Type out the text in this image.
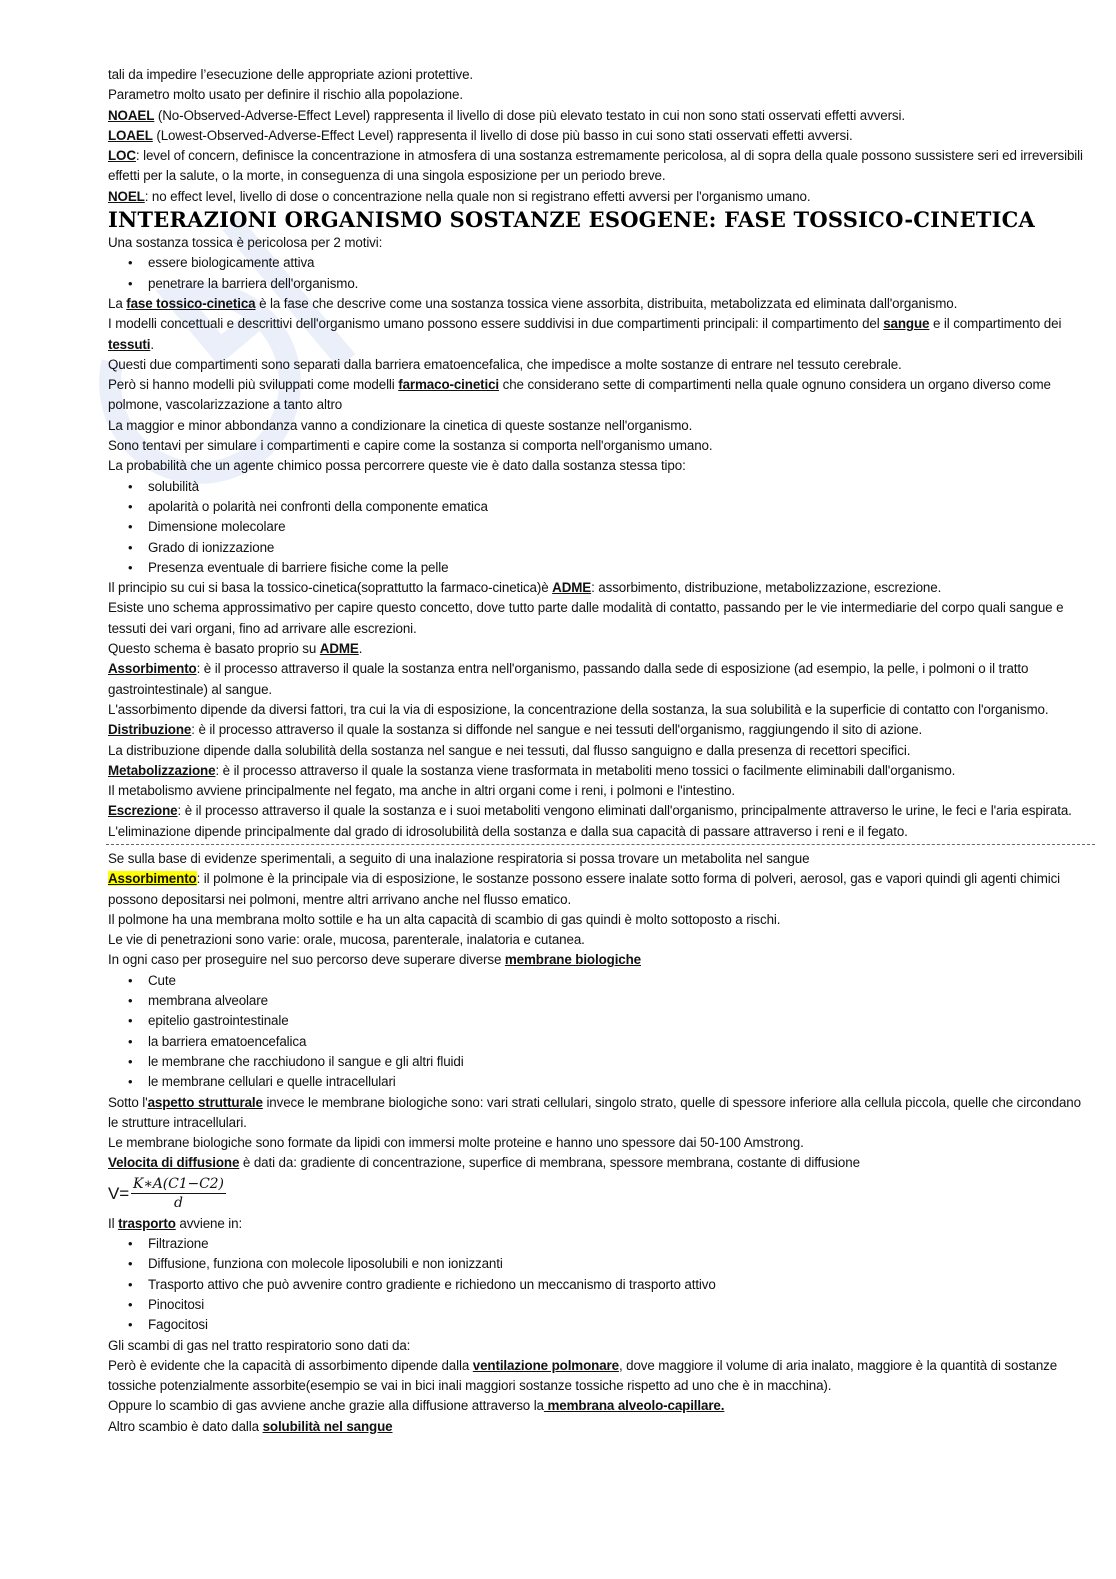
tali da impedire l’esecuzione delle appropriate azioni protettive.

Parametro molto usato per definire il rischio alla popolazione.

NOAEL (No-Observed-Adverse-Effect Level) rappresenta il livello di dose più elevato testato in cui non sono stati osservati effetti avversi.

LOAEL (Lowest-Observed-Adverse-Effect Level) rappresenta il livello di dose più basso in cui sono stati osservati effetti avversi.

LOC: level of concern, definisce la concentrazione in atmosfera di una sostanza estremamente pericolosa, al di sopra della quale possono sussistere seri ed irreversibili effetti per la salute, o la morte, in conseguenza di una singola esposizione per un periodo breve.

NOEL: no effect level, livello di dose o concentrazione nella quale non si registrano effetti avversi per l'organismo umano.

INTERAZIONI ORGANISMO SOSTANZE ESOGENE: FASE TOSSICO-CINETICA

Una sostanza tossica è pericolosa per 2 motivi:

• essere biologicamente attiva
• penetrare la barriera dell'organismo.

La fase tossico-cinetica è la fase che descrive come una sostanza tossica viene assorbita, distribuita, metabolizzata ed eliminata dall'organismo.

I modelli concettuali e descrittivi dell'organismo umano possono essere suddivisi in due compartimenti principali: il compartimento del sangue e il compartimento dei tessuti.

Questi due compartimenti sono separati dalla barriera ematoencefalica, che impedisce a molte sostanze di entrare nel tessuto cerebrale.

Però si hanno modelli più sviluppati come modelli farmaco-cinetici che considerano sette di compartimenti nella quale ognuno considera un organo diverso come polmone, vascolarizzazione a tanto altro

La maggior e minor abbondanza vanno a condizionare la cinetica di queste sostanze nell'organismo.

Sono tentavi per simulare i compartimenti e capire come la sostanza si comporta nell'organismo umano.

La probabilità che un agente chimico possa percorrere queste vie è dato dalla sostanza stessa tipo:

• solubilità
• apolarità o polarità nei confronti della componente ematica
• Dimensione molecolare
• Grado di ionizzazione
• Presenza eventuale di barriere fisiche come la pelle

Il principio su cui si basa la tossico-cinetica(soprattutto la farmaco-cinetica)è ADME: assorbimento, distribuzione, metabolizzazione, escrezione.

Esiste uno schema approssimativo per capire questo concetto, dove tutto parte dalle modalità di contatto, passando per le vie intermediarie del corpo quali sangue e tessuti dei vari organi, fino ad arrivare alle escrezioni.

Questo schema è basato proprio su ADME.

Assorbimento: è il processo attraverso il quale la sostanza entra nell'organismo, passando dalla sede di esposizione (ad esempio, la pelle, i polmoni o il tratto gastrointestinale) al sangue.

L'assorbimento dipende da diversi fattori, tra cui la via di esposizione, la concentrazione della sostanza, la sua solubilità e la superficie di contatto con l'organismo.

Distribuzione: è il processo attraverso il quale la sostanza si diffonde nel sangue e nei tessuti dell'organismo, raggiungendo il sito di azione.

La distribuzione dipende dalla solubilità della sostanza nel sangue e nei tessuti, dal flusso sanguigno e dalla presenza di recettori specifici.

Metabolizzazione: è il processo attraverso il quale la sostanza viene trasformata in metaboliti meno tossici o facilmente eliminabili dall'organismo.

Il metabolismo avviene principalmente nel fegato, ma anche in altri organi come i reni, i polmoni e l'intestino.

Escrezione: è il processo attraverso il quale la sostanza e i suoi metaboliti vengono eliminati dall'organismo, principalmente attraverso le urine, le feci e l'aria espirata.

L'eliminazione dipende principalmente dal grado di idrosolubilità della sostanza e dalla sua capacità di passare attraverso i reni e il fegato.

Se sulla base di evidenze sperimentali, a seguito di una inalazione respiratoria si possa trovare un metabolita nel sangue

Assorbimento: il polmone è la principale via di esposizione, le sostanze possono essere inalate sotto forma di polveri, aerosol, gas e vapori quindi gli agenti chimici possono depositarsi nei polmoni, mentre altri arrivano anche nel flusso ematico.

Il polmone ha una membrana molto sottile e ha un alta capacità di scambio di gas quindi è molto sottoposto a rischi.

Le vie di penetrazioni sono varie: orale, mucosa, parenterale, inalatoria e cutanea.

In ogni caso per proseguire nel suo percorso deve superare diverse membrane biologiche

• Cute
• membrana alveolare
• epitelio gastrointestinale
• la barriera ematoencefalica
• le membrane che racchiudono il sangue e gli altri fluidi
• le membrane cellulari e quelle intracellulari

Sotto l'aspetto strutturale invece le membrane biologiche sono: vari strati cellulari, singolo strato, quelle di spessore inferiore alla cellula piccola, quelle che circondano le strutture intracellulari.

Le membrane biologiche sono formate da lipidi con immersi molte proteine e hanno uno spessore dai 50-100 Amstrong.

Velocita di diffusione è dati da: gradiente di concentrazione, superfice di membrana, spessore membrana, costante di diffusione

$V= \frac{K∗A(C1-C2)}{d}$

Il trasporto avviene in:

• Filtrazione
• Diffusione, funziona con molecole liposolubili e non ionizzanti
• Trasporto attivo che può avvenire contro gradiente e richiedono un meccanismo di trasporto attivo
• Pinocitosi
• Fagocitosi

Gli scambi di gas nel tratto respiratorio sono dati da:

Però è evidente che la capacità di assorbimento dipende dalla ventilazione polmonare, dove maggiore il volume di aria inalato, maggiore è la quantità di sostanze tossiche potenzialmente assorbite(esempio se vai in bici inali maggiori sostanze tossiche rispetto ad uno che è in macchina).

Oppure lo scambio di gas avviene anche grazie alla diffusione attraverso la membrana alveolo-capillare.

Altro scambio è dato dalla solubilità nel sangue
